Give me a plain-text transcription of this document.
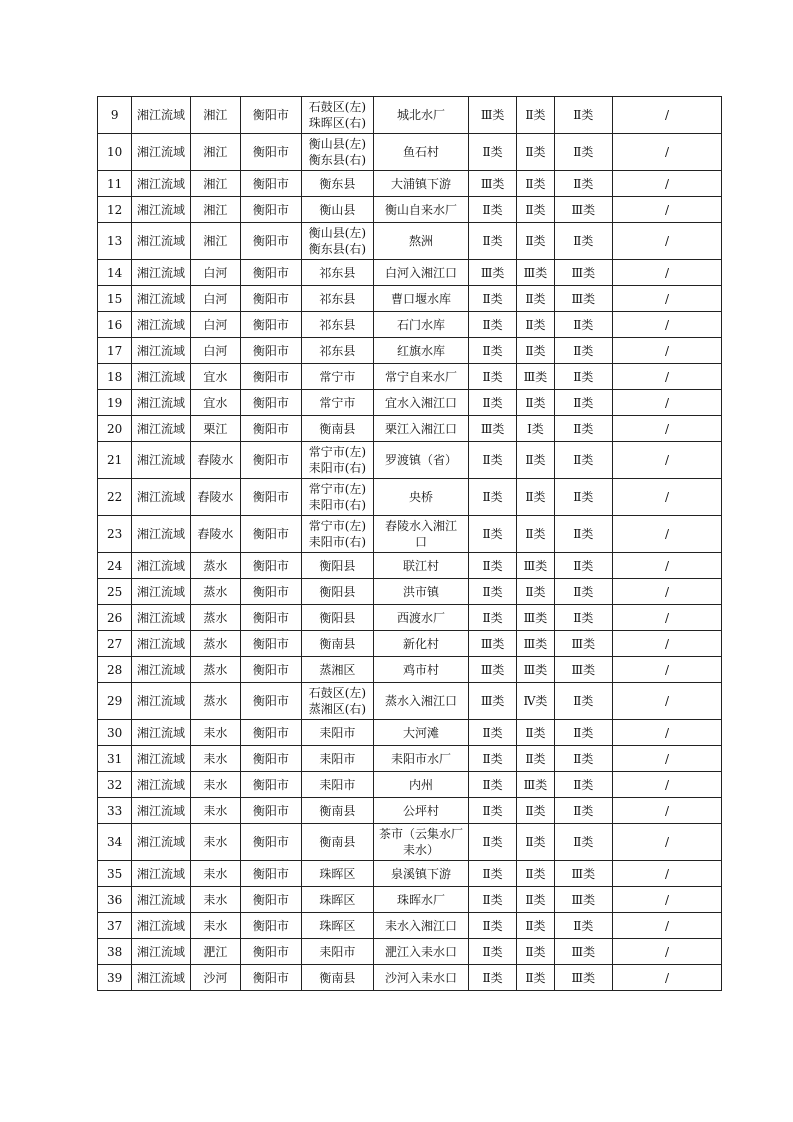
9	湘江流域	湘江	衡阳市	石鼓区(左)
珠晖区(右)	城北水厂	Ⅲ类	Ⅱ类	Ⅱ类	/
10	湘江流域	湘江	衡阳市	衡山县(左)
衡东县(右)	鱼石村	Ⅱ类	Ⅱ类	Ⅱ类	/
11	湘江流域	湘江	衡阳市	衡东县	大浦镇下游	Ⅲ类	Ⅱ类	Ⅱ类	/
12	湘江流域	湘江	衡阳市	衡山县	衡山自来水厂	Ⅱ类	Ⅱ类	Ⅲ类	/
13	湘江流域	湘江	衡阳市	衡山县(左)
衡东县(右)	熬洲	Ⅱ类	Ⅱ类	Ⅱ类	/
14	湘江流域	白河	衡阳市	祁东县	白河入湘江口	Ⅲ类	Ⅲ类	Ⅲ类	/
15	湘江流域	白河	衡阳市	祁东县	曹口堰水库	Ⅱ类	Ⅱ类	Ⅲ类	/
16	湘江流域	白河	衡阳市	祁东县	石门水库	Ⅱ类	Ⅱ类	Ⅱ类	/
17	湘江流域	白河	衡阳市	祁东县	红旗水库	Ⅱ类	Ⅱ类	Ⅱ类	/
18	湘江流域	宜水	衡阳市	常宁市	常宁自来水厂	Ⅱ类	Ⅲ类	Ⅱ类	/
19	湘江流域	宜水	衡阳市	常宁市	宜水入湘江口	Ⅱ类	Ⅱ类	Ⅱ类	/
20	湘江流域	栗江	衡阳市	衡南县	栗江入湘江口	Ⅲ类	Ⅰ类	Ⅱ类	/
21	湘江流域	舂陵水	衡阳市	常宁市(左)
耒阳市(右)	罗渡镇（省）	Ⅱ类	Ⅱ类	Ⅱ类	/
22	湘江流域	舂陵水	衡阳市	常宁市(左)
耒阳市(右)	央桥	Ⅱ类	Ⅱ类	Ⅱ类	/
23	湘江流域	舂陵水	衡阳市	常宁市(左)
耒阳市(右)	舂陵水入湘江
口	Ⅱ类	Ⅱ类	Ⅱ类	/
24	湘江流域	蒸水	衡阳市	衡阳县	联江村	Ⅱ类	Ⅲ类	Ⅱ类	/
25	湘江流域	蒸水	衡阳市	衡阳县	洪市镇	Ⅱ类	Ⅱ类	Ⅱ类	/
26	湘江流域	蒸水	衡阳市	衡阳县	西渡水厂	Ⅱ类	Ⅲ类	Ⅱ类	/
27	湘江流域	蒸水	衡阳市	衡南县	新化村	Ⅲ类	Ⅲ类	Ⅲ类	/
28	湘江流域	蒸水	衡阳市	蒸湘区	鸡市村	Ⅲ类	Ⅲ类	Ⅲ类	/
29	湘江流域	蒸水	衡阳市	石鼓区(左)
蒸湘区(右)	蒸水入湘江口	Ⅲ类	Ⅳ类	Ⅱ类	/
30	湘江流域	耒水	衡阳市	耒阳市	大河滩	Ⅱ类	Ⅱ类	Ⅱ类	/
31	湘江流域	耒水	衡阳市	耒阳市	耒阳市水厂	Ⅱ类	Ⅱ类	Ⅱ类	/
32	湘江流域	耒水	衡阳市	耒阳市	内州	Ⅱ类	Ⅲ类	Ⅱ类	/
33	湘江流域	耒水	衡阳市	衡南县	公坪村	Ⅱ类	Ⅱ类	Ⅱ类	/
34	湘江流域	耒水	衡阳市	衡南县	茶市（云集水厂
耒水）	Ⅱ类	Ⅱ类	Ⅱ类	/
35	湘江流域	耒水	衡阳市	珠晖区	泉溪镇下游	Ⅱ类	Ⅱ类	Ⅲ类	/
36	湘江流域	耒水	衡阳市	珠晖区	珠晖水厂	Ⅱ类	Ⅱ类	Ⅲ类	/
37	湘江流域	耒水	衡阳市	珠晖区	耒水入湘江口	Ⅱ类	Ⅱ类	Ⅱ类	/
38	湘江流域	淝江	衡阳市	耒阳市	淝江入耒水口	Ⅱ类	Ⅱ类	Ⅲ类	/
39	湘江流域	沙河	衡阳市	衡南县	沙河入耒水口	Ⅱ类	Ⅱ类	Ⅲ类	/
